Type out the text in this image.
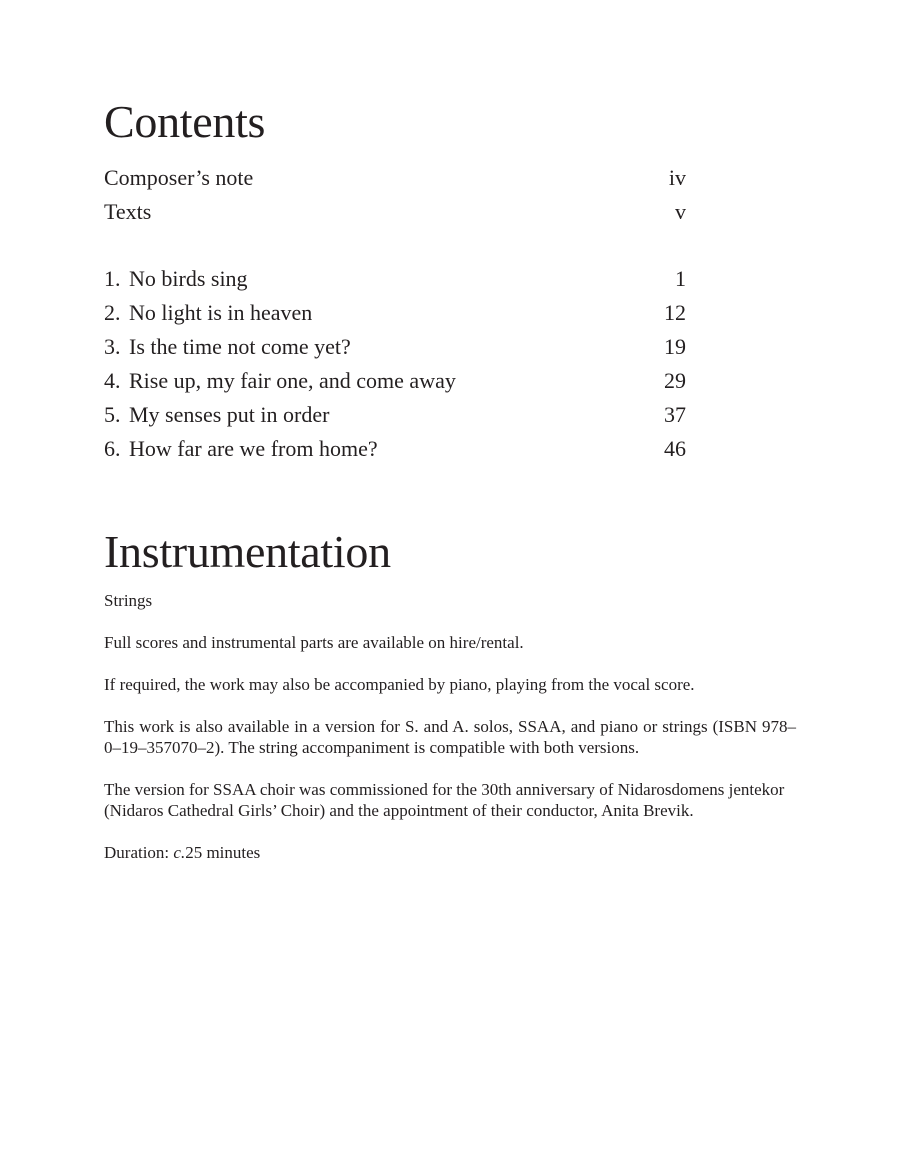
Contents
Composer’s note	iv
Texts	v
1. No birds sing	1
2. No light is in heaven	12
3. Is the time not come yet?	19
4. Rise up, my fair one, and come away	29
5. My senses put in order	37
6. How far are we from home?	46
Instrumentation

Strings

Full scores and instrumental parts are available on hire/rental.

If required, the work may also be accompanied by piano, playing from the vocal score.

This work is also available in a version for S. and A. solos, SSAA, and piano or strings (ISBN 978–0–19–357070–2). The string accompaniment is compatible with both versions.

The version for SSAA choir was commissioned for the 30th anniversary of Nidarosdomens jentekor (Nidaros Cathedral Girls’ Choir) and the appointment of their conductor, Anita Brevik.

Duration: c.25 minutes
